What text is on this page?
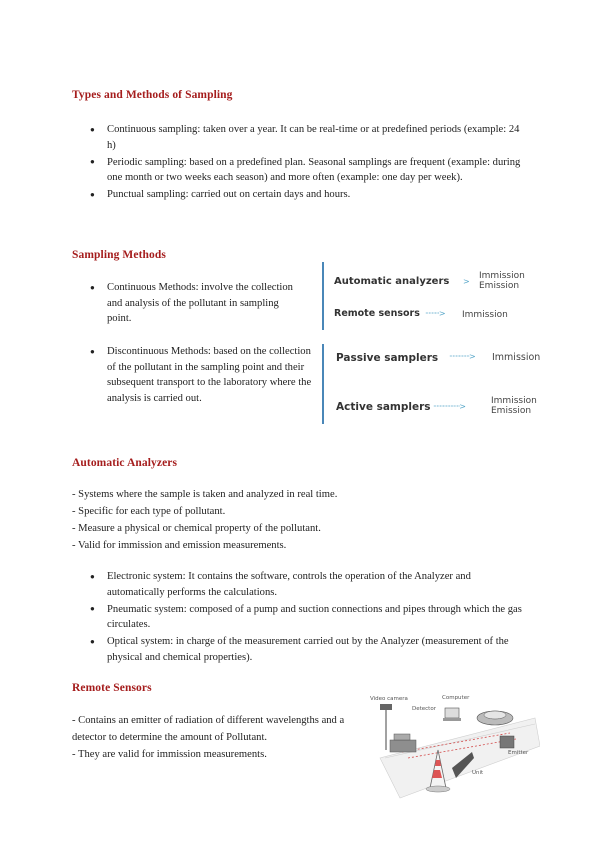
Types and Methods of Sampling
● Continuous sampling: taken over a year. It can be real-time or at predefined periods (example: 24 h)
● Periodic sampling: based on a predefined plan. Seasonal samplings are frequent (example: during one month or two weeks each season) and more often (example: one day per week).
● Punctual sampling: carried out on certain days and hours.
Sampling Methods
● Continuous Methods: involve the collection and analysis of the pollutant in sampling point.
● Discontinuous Methods: based on the collection of the pollutant in the sampling point and their subsequent transport to the laboratory where the analysis is carried out.
Automatic analyzers >
Immission
Emission
Remote sensors ·········> Immission
Passive samplers ·············> Immission
Active samplers ·················>
Immission
Emission
Automatic Analyzers
- Systems where the sample is taken and analyzed in real time.
- Specific for each type of pollutant.
- Measure a physical or chemical property of the pollutant.
- Valid for immission and emission measurements.
● Electronic system: It contains the software, controls the operation of the Analyzer and automatically performs the calculations.
● Pneumatic system: composed of a pump and suction connections and pipes through which the gas circulates.
● Optical system: in charge of the measurement carried out by the Analyzer (measurement of the physical and chemical properties).
Remote Sensors

- Contains an emitter of radiation of different wavelengths and a detector to determine the amount of Pollutant.

- They are valid for immission measurements.

Video camera	Computer
Detector
Emitter
Unit
